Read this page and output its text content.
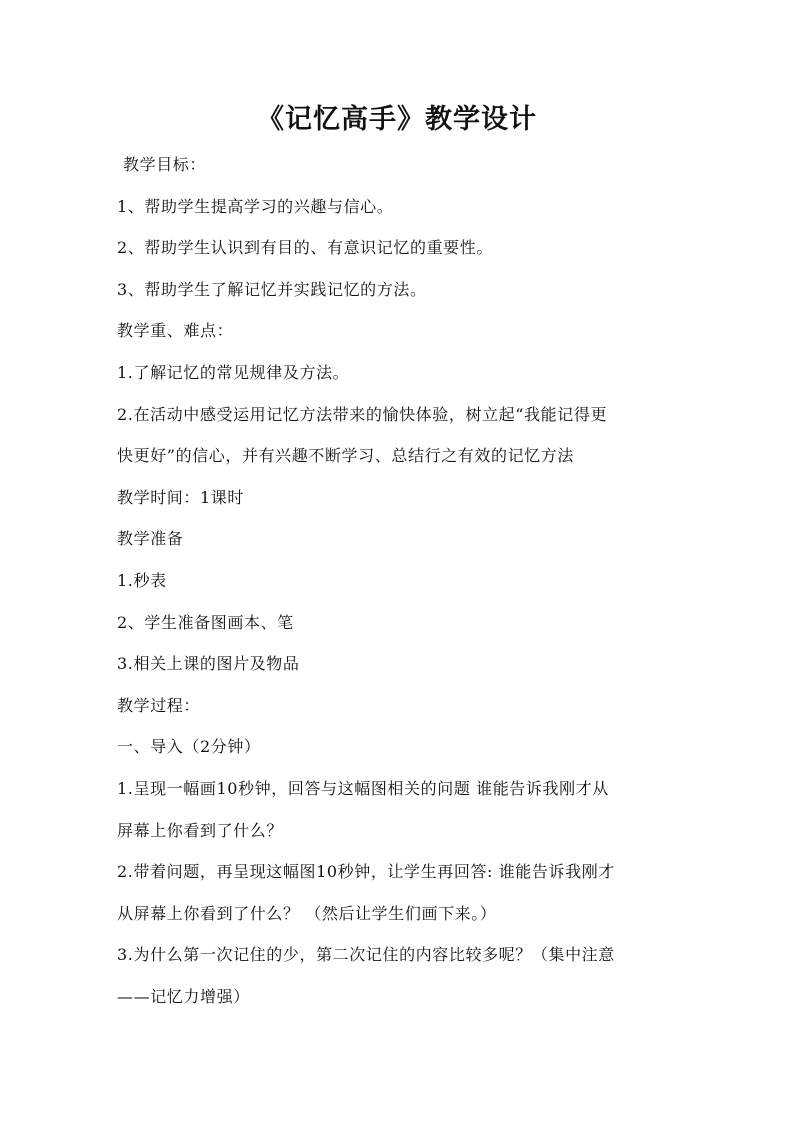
《记忆高手》教学设计
教学目标：
1、帮助学生提高学习的兴趣与信心。
2、帮助学生认识到有目的、有意识记忆的重要性。
3、帮助学生了解记忆并实践记忆的方法。
教学重、难点：
1.了解记忆的常见规律及方法。
2.在活动中感受运用记忆方法带来的愉快体验，树立起“我能记得更
快更好”的信心，并有兴趣不断学习、总结行之有效的记忆方法
教学时间：1课时
教学准备
1.秒表
2、学生准备图画本、笔
3.相关上课的图片及物品
教学过程：
一、导入（2分钟）
1.呈现一幅画10秒钟，回答与这幅图相关的问题 谁能告诉我刚才从
屏幕上你看到了什么？
2.带着问题，再呈现这幅图10秒钟，让学生再回答: 谁能告诉我刚才
从屏幕上你看到了什么？ （然后让学生们画下来。）
3.为什么第一次记住的少，第二次记住的内容比较多呢？（集中注意
——记忆力增强）
